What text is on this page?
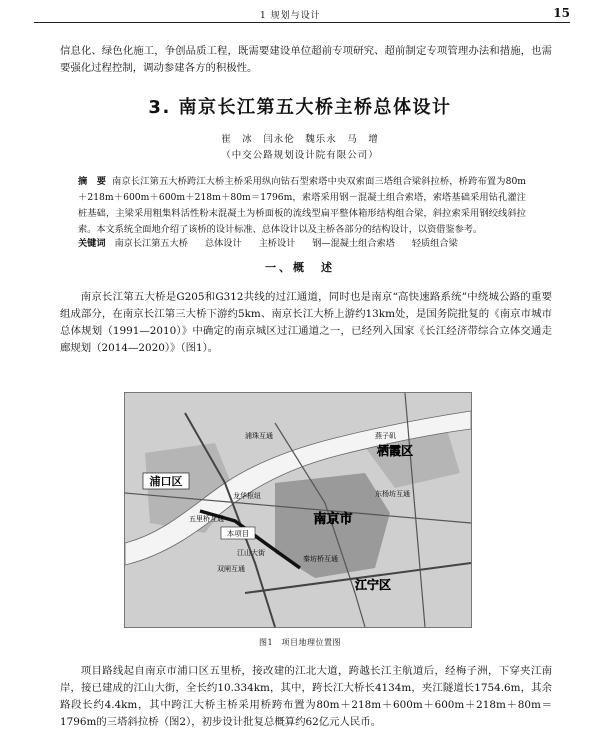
1 规划与设计	15

信息化、绿色化施工，争创品质工程，既需要建设单位超前专项研究、超前制定专项管理办法和措施，也需要强化过程控制，调动参建各方的积极性。

3. 南京长江第五大桥主桥总体设计
崔　冰　闫永伦　魏乐永　马　增
（中交公路规划设计院有限公司）
摘　要 南京长江第五大桥跨江大桥主桥采用纵向钻石型索塔中央双索面三塔组合梁斜拉桥，桥跨布置为80m＋218m＋600m＋600m＋218m＋80m＝1796m，索塔采用钢－混凝土组合索塔，索塔基础采用钻孔灌注桩基础，主梁采用粗集料活性粉末混凝土为桥面板的流线型扁平整体箱形结构组合梁，斜拉索采用钢绞线斜拉索。本文系统全面地介绍了该桥的设计标准、总体设计以及主桥各部分的结构设计，以资借鉴参考。
关键词 南京长江第五大桥 总体设计 主桥设计 钢—混凝土组合索塔 轻质组合梁
一、概　述

南京长江第五大桥是G205和G312共线的过江通道，同时也是南京“高快速路系统”中绕城公路的重要组成部分，在南京长江第三大桥下游约5km、南京长江大桥上游约13km处，是国务院批复的《南京市城市总体规划（1991—2010）》中确定的南京城区过江通道之一，已经列入国家《长江经济带综合立体交通走廊规划（2014—2020）》（图1）。

浦口区
栖霞区
南京市
江宁区
燕子矶
浦珠互通
东杨坊互通
龙华枢纽
五里桥互通
本项目
江山大街
双闸互通
秦坊桥互通
图1　项目地理位置图

项目路线起自南京市浦口区五里桥，接改建的江北大道，跨越长江主航道后，经梅子洲，下穿夹江南岸，接已建成的江山大街，全长约10.334km，其中，跨长江大桥长4134m，夹江隧道长1754.6m，其余路段长约4.4km，其中跨江大桥主桥采用桥跨布置为80m＋218m＋600m＋600m＋218m＋80m＝1796m的三塔斜拉桥（图2），初步设计批复总概算约62亿元人民币。
